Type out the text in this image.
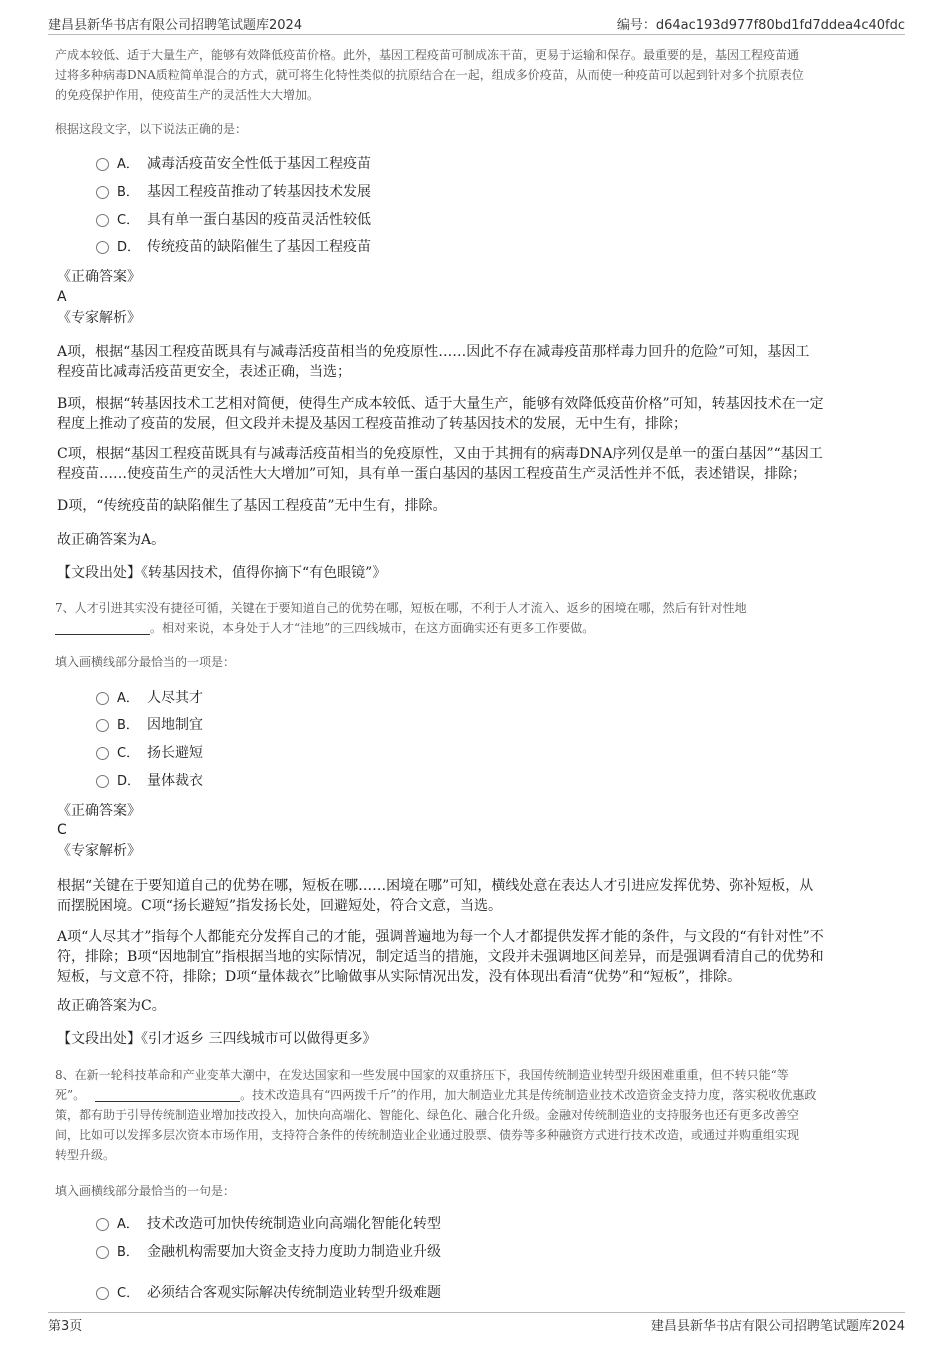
建昌县新华书店有限公司招聘笔试题库2024	编号：d64ac193d977f80bd1fd7ddea4c40fdc
产成本较低、适于大量生产，能够有效降低疫苗价格。此外，基因工程疫苗可制成冻干苗，更易于运输和保存。最重要的是，基因工程疫苗通
过将多种病毒DNA质粒简单混合的方式，就可将生化特性类似的抗原结合在一起，组成多价疫苗，从而使一种疫苗可以起到针对多个抗原表位
的免疫保护作用，使疫苗生产的灵活性大大增加。
根据这段文字，以下说法正确的是：
A． 减毒活疫苗安全性低于基因工程疫苗
B． 基因工程疫苗推动了转基因技术发展
C． 具有单一蛋白基因的疫苗灵活性较低
D． 传统疫苗的缺陷催生了基因工程疫苗
《正确答案》
A
《专家解析》
A项，根据“基因工程疫苗既具有与减毒活疫苗相当的免疫原性……因此不存在减毒疫苗那样毒力回升的危险”可知，基因工
程疫苗比减毒活疫苗更安全，表述正确，当选；
B项，根据“转基因技术工艺相对简便，使得生产成本较低、适于大量生产，能够有效降低疫苗价格”可知，转基因技术在一定
程度上推动了疫苗的发展，但文段并未提及基因工程疫苗推动了转基因技术的发展，无中生有，排除；
C项，根据“基因工程疫苗既具有与减毒活疫苗相当的免疫原性，又由于其拥有的病毒DNA序列仅是单一的蛋白基因”“基因工
程疫苗……使疫苗生产的灵活性大大增加”可知，具有单一蛋白基因的基因工程疫苗生产灵活性并不低，表述错误，排除；
D项，“传统疫苗的缺陷催生了基因工程疫苗”无中生有，排除。
故正确答案为A。
【文段出处】《转基因技术，值得你摘下“有色眼镜”》
7、人才引进其实没有捷径可循，关键在于要知道自己的优势在哪，短板在哪，不利于人才流入、返乡的困境在哪，然后有针对性地
。相对来说，本身处于人才“洼地”的三四线城市，在这方面确实还有更多工作要做。
填入画横线部分最恰当的一项是：
A． 人尽其才
B． 因地制宜
C． 扬长避短
D． 量体裁衣
《正确答案》
C
《专家解析》
根据“关键在于要知道自己的优势在哪，短板在哪……困境在哪”可知，横线处意在表达人才引进应发挥优势、弥补短板，从
而摆脱困境。C项“扬长避短”指发扬长处，回避短处，符合文意，当选。
A项“人尽其才”指每个人都能充分发挥自己的才能，强调普遍地为每一个人才都提供发挥才能的条件，与文段的“有针对性”不
符，排除；B项“因地制宜”指根据当地的实际情况，制定适当的措施，文段并未强调地区间差异，而是强调看清自己的优势和
短板，与文意不符，排除；D项“量体裁衣”比喻做事从实际情况出发，没有体现出看清“优势”和“短板”，排除。
故正确答案为C。
【文段出处】《引才返乡 三四线城市可以做得更多》
8、在新一轮科技革命和产业变革大潮中，在发达国家和一些发展中国家的双重挤压下，我国传统制造业转型升级困难重重，但不转只能“等
死”。	。技术改造具有“四两拨千斤”的作用，加大制造业尤其是传统制造业技术改造资金支持力度，落实税收优惠政
策，都有助于引导传统制造业增加技改投入，加快向高端化、智能化、绿色化、融合化升级。金融对传统制造业的支持服务也还有更多改善空
间，比如可以发挥多层次资本市场作用，支持符合条件的传统制造业企业通过股票、债券等多种融资方式进行技术改造，或通过并购重组实现
转型升级。
填入画横线部分最恰当的一句是：
A． 技术改造可加快传统制造业向高端化智能化转型
B． 金融机构需要加大资金支持力度助力制造业升级
C． 必须结合客观实际解决传统制造业转型升级难题
第3页	建昌县新华书店有限公司招聘笔试题库2024
